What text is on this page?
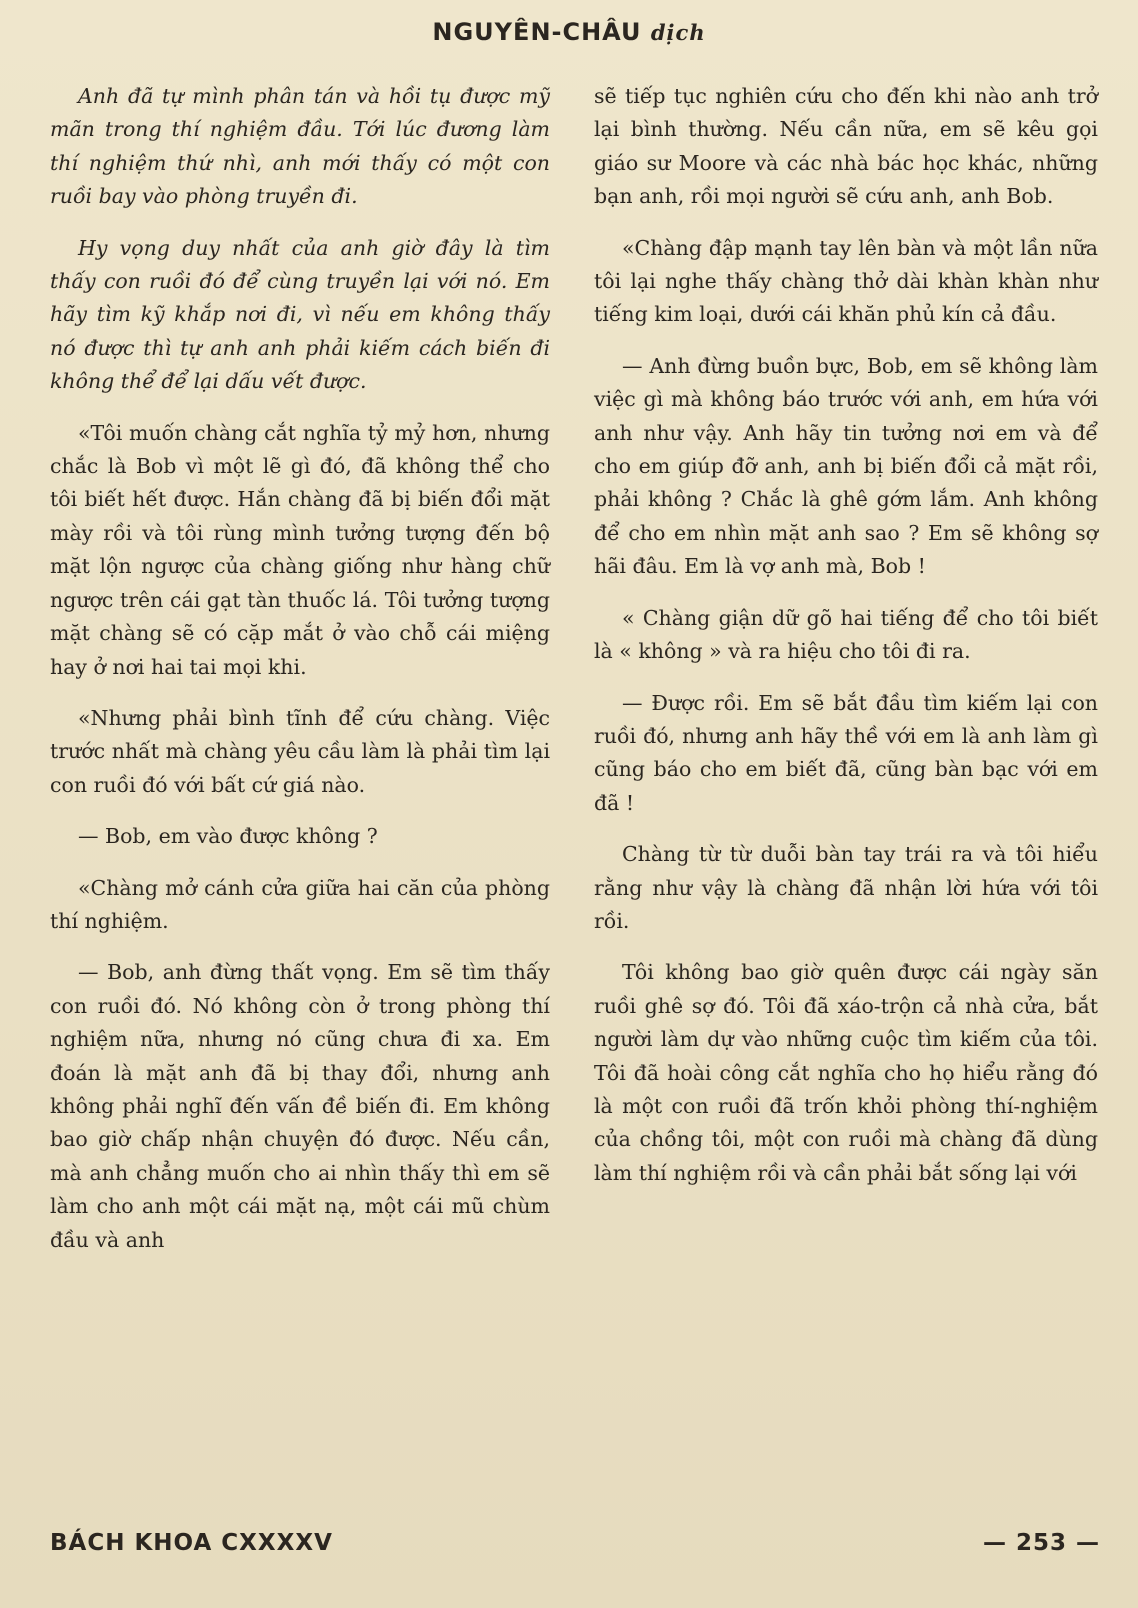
NGUYÊN-CHÂU dịch

Anh đã tự mình phân tán và hồi tụ được mỹ mãn trong thí nghiệm đầu. Tới lúc đương làm thí nghiệm thứ nhì, anh mới thấy có một con ruồi bay vào phòng truyền đi.

Hy vọng duy nhất của anh giờ đây là tìm thấy con ruồi đó để cùng truyền lại với nó. Em hãy tìm kỹ khắp nơi đi, vì nếu em không thấy nó được thì tự anh anh phải kiếm cách biến đi không thể để lại dấu vết được.

«Tôi muốn chàng cắt nghĩa tỷ mỷ hơn, nhưng chắc là Bob vì một lẽ gì đó, đã không thể cho tôi biết hết được. Hắn chàng đã bị biến đổi mặt mày rồi và tôi rùng mình tưởng tượng đến bộ mặt lộn ngược của chàng giống như hàng chữ ngược trên cái gạt tàn thuốc lá. Tôi tưởng tượng mặt chàng sẽ có cặp mắt ở vào chỗ cái miệng hay ở nơi hai tai mọi khi.

«Nhưng phải bình tĩnh để cứu chàng. Việc trước nhất mà chàng yêu cầu làm là phải tìm lại con ruồi đó với bất cứ giá nào.

— Bob, em vào được không ?

«Chàng mở cánh cửa giữa hai căn của phòng thí nghiệm.

— Bob, anh đừng thất vọng. Em sẽ tìm thấy con ruồi đó. Nó không còn ở trong phòng thí nghiệm nữa, nhưng nó cũng chưa đi xa. Em đoán là mặt anh đã bị thay đổi, nhưng anh không phải nghĩ đến vấn đề biến đi. Em không bao giờ chấp nhận chuyện đó được. Nếu cần, mà anh chẳng muốn cho ai nhìn thấy thì em sẽ làm cho anh một cái mặt nạ, một cái mũ chùm đầu và anh

sẽ tiếp tục nghiên cứu cho đến khi nào anh trở lại bình thường. Nếu cần nữa, em sẽ kêu gọi giáo sư Moore và các nhà bác học khác, những bạn anh, rồi mọi người sẽ cứu anh, anh Bob.

«Chàng đập mạnh tay lên bàn và một lần nữa tôi lại nghe thấy chàng thở dài khàn khàn như tiếng kim loại, dưới cái khăn phủ kín cả đầu.

— Anh đừng buồn bực, Bob, em sẽ không làm việc gì mà không báo trước với anh, em hứa với anh như vậy. Anh hãy tin tưởng nơi em và để cho em giúp đỡ anh, anh bị biến đổi cả mặt rồi, phải không ? Chắc là ghê gớm lắm. Anh không để cho em nhìn mặt anh sao ? Em sẽ không sợ hãi đâu. Em là vợ anh mà, Bob !

« Chàng giận dữ gõ hai tiếng để cho tôi biết là « không » và ra hiệu cho tôi đi ra.

— Được rồi. Em sẽ bắt đầu tìm kiếm lại con ruồi đó, nhưng anh hãy thề với em là anh làm gì cũng báo cho em biết đã, cũng bàn bạc với em đã !

Chàng từ từ duỗi bàn tay trái ra và tôi hiểu rằng như vậy là chàng đã nhận lời hứa với tôi rồi.

Tôi không bao giờ quên được cái ngày săn ruồi ghê sợ đó. Tôi đã xáo-trộn cả nhà cửa, bắt người làm dự vào những cuộc tìm kiếm của tôi. Tôi đã hoài công cắt nghĩa cho họ hiểu rằng đó là một con ruồi đã trốn khỏi phòng thí-nghiệm của chồng tôi, một con ruồi mà chàng đã dùng làm thí nghiệm rồi và cần phải bắt sống lại với

BÁCH KHOA CXXXXV	— 253 —
